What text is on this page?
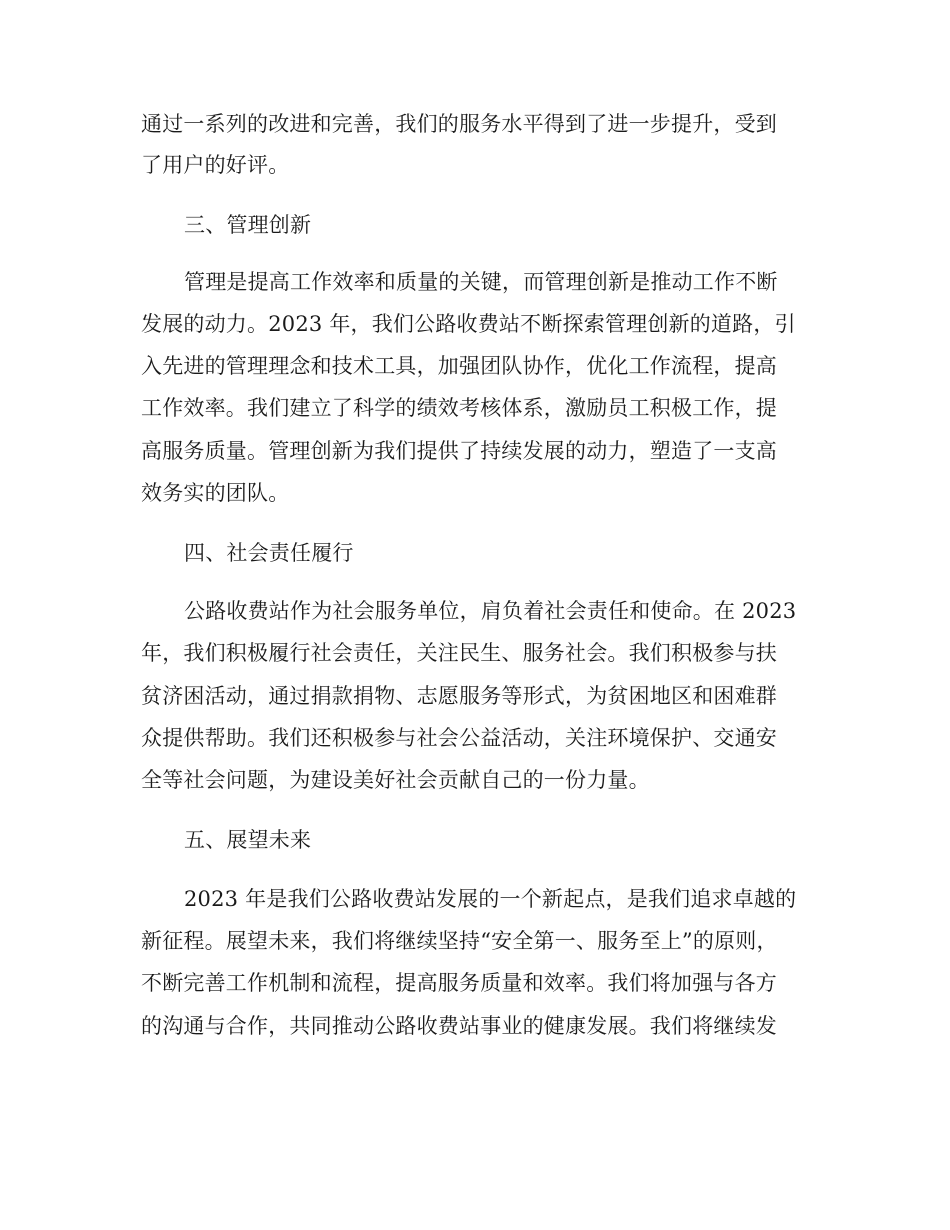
通过一系列的改进和完善，我们的服务水平得到了进一步提升，受到
了用户的好评。
三、管理创新
管理是提高工作效率和质量的关键，而管理创新是推动工作不断
发展的动力。2023 年，我们公路收费站不断探索管理创新的道路，引
入先进的管理理念和技术工具，加强团队协作，优化工作流程，提高
工作效率。我们建立了科学的绩效考核体系，激励员工积极工作，提
高服务质量。管理创新为我们提供了持续发展的动力，塑造了一支高
效务实的团队。
四、社会责任履行
公路收费站作为社会服务单位，肩负着社会责任和使命。在 2023
年，我们积极履行社会责任，关注民生、服务社会。我们积极参与扶
贫济困活动，通过捐款捐物、志愿服务等形式，为贫困地区和困难群
众提供帮助。我们还积极参与社会公益活动，关注环境保护、交通安
全等社会问题，为建设美好社会贡献自己的一份力量。
五、展望未来
2023 年是我们公路收费站发展的一个新起点，是我们追求卓越的
新征程。展望未来，我们将继续坚持“安全第一、服务至上”的原则，
不断完善工作机制和流程，提高服务质量和效率。我们将加强与各方
的沟通与合作，共同推动公路收费站事业的健康发展。我们将继续发
